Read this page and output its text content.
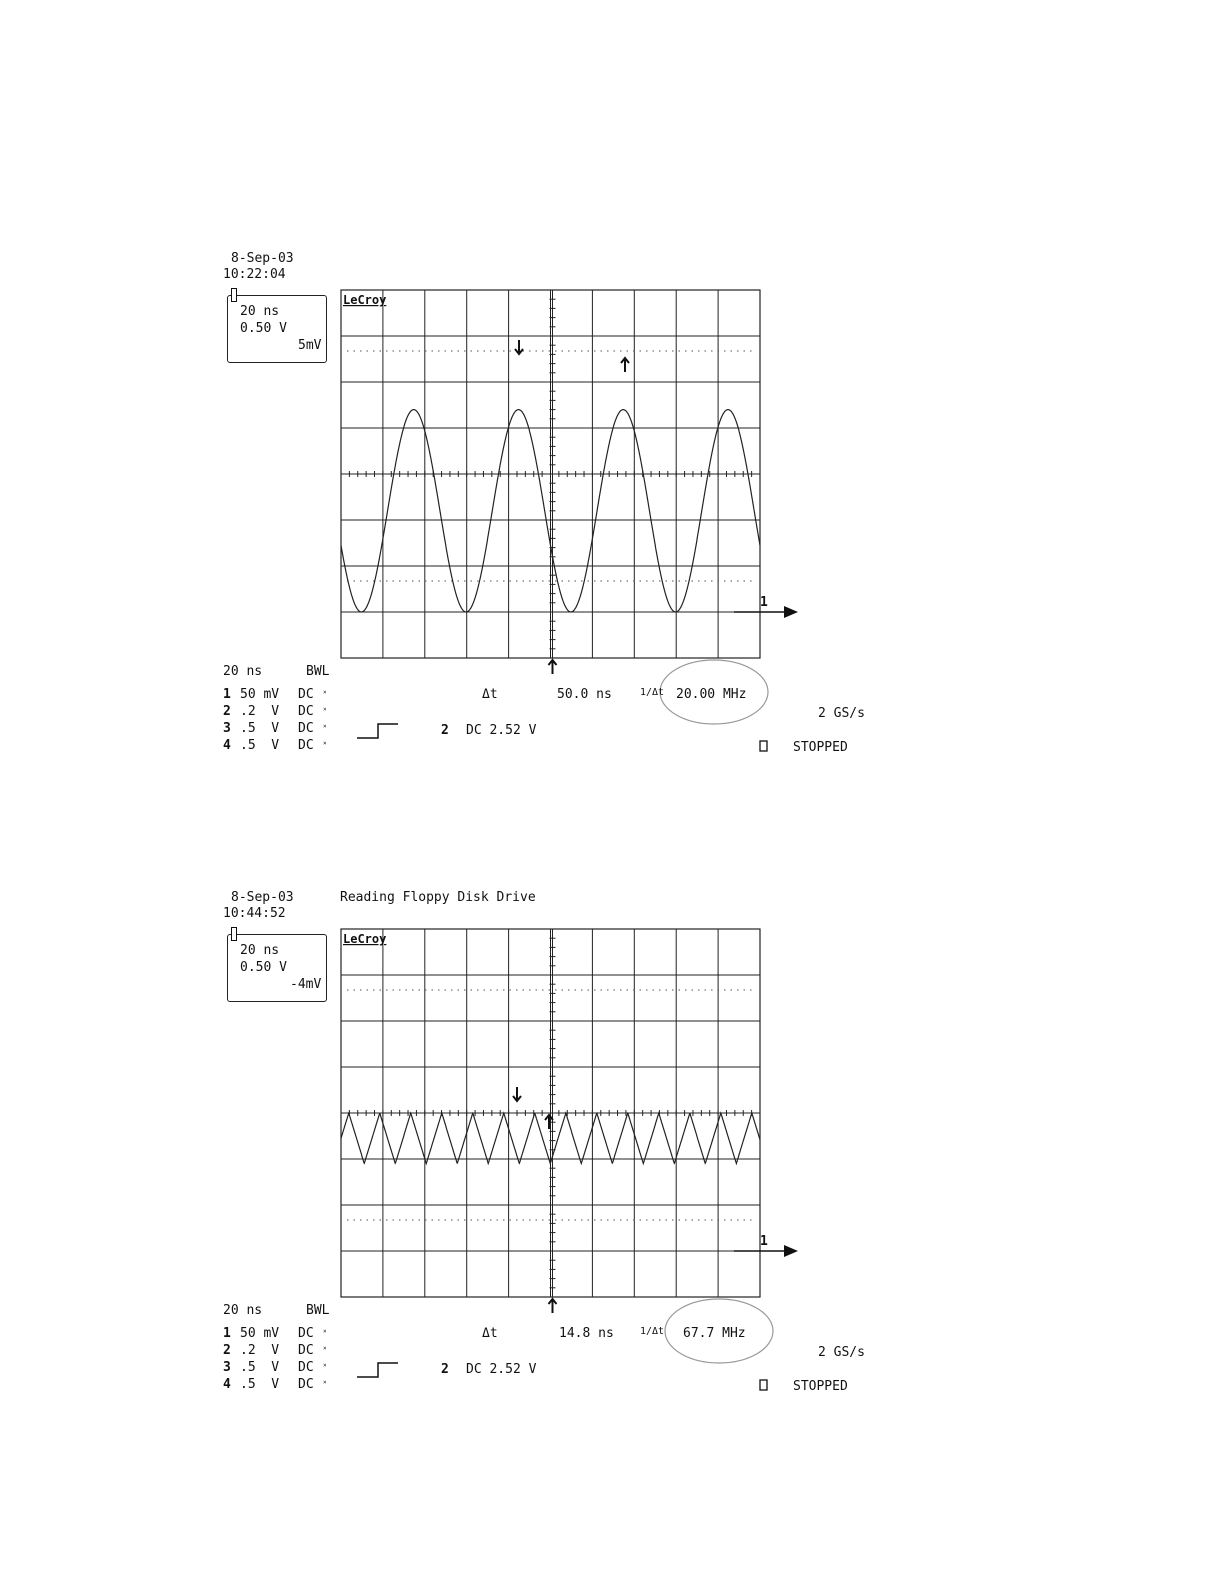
8-Sep-03
10:22:04
20 ns
0.50 V
5mV
LeCroy
×
×
×
×
20 ns	BWL
1 50 mV DC
2 .2  V DC
3 .5  V DC
4 .5  V DC
Δt	50.0 ns	1/Δt 20.00 MHz
2 GS/s
2 DC 2.52 V
STOPPED
1
8-Sep-03	Reading Floppy Disk Drive
10:44:52
20 ns
0.50 V
-4mV
LeCroy
×
×
×
×
20 ns	BWL
1 50 mV DC
2 .2  V DC
3 .5  V DC
4 .5  V DC
Δt	14.8 ns	1/Δt 67.7 MHz
2 GS/s
2 DC 2.52 V
STOPPED
1
